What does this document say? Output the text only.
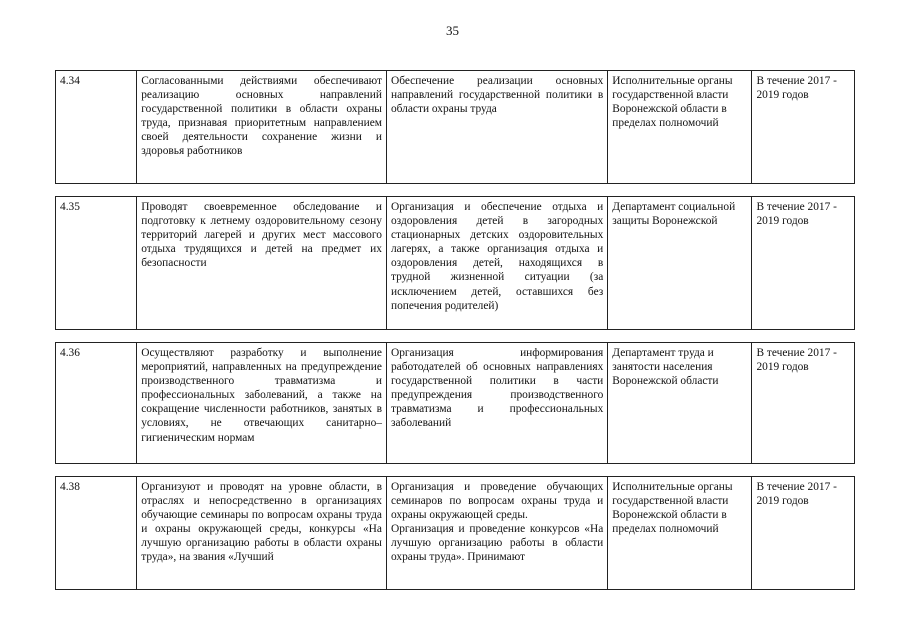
35
4.34	Согласованными действиями обеспечивают реализацию основных направлений государственной политики в области охраны труда, признавая приоритетным направлением своей деятельности сохранение жизни и здоровья работников	Обеспечение реализации основных направлений государственной политики в области охраны труда	Исполнительные органы государственной власти Воронежской области в пределах полномочий	В течение 2017 - 2019 годов

4.35	Проводят своевременное обследование и подготовку к летнему оздоровительному сезону территорий лагерей и других мест массового отдыха трудящихся и детей на предмет их безопасности	Организация и обеспечение отдыха и оздоровления детей в загородных стационарных детских оздоровительных лагерях, а также организация отдыха и оздоровления детей, находящихся в трудной жизненной ситуации (за исключением детей, оставшихся без попечения родителей)	Департамент социальной защиты Воронежской	В течение 2017 - 2019 годов

4.36	Осуществляют разработку и выполнение мероприятий, направленных на предупреждение производственного травматизма и профессиональных заболеваний, а также на сокращение численности работников, занятых в условиях, не отвечающих санитарно–гигиеническим нормам	Организация информирования работодателей об основных направлениях государственной политики в части предупреждения производственного травматизма и профессиональных заболеваний	Департамент труда и занятости населения Воронежской области	В течение 2017 - 2019 годов

4.38	Организуют и проводят на уровне области, в отраслях и непосредственно в организациях обучающие семинары по вопросам охраны труда и охраны окружающей среды, конкурсы «На лучшую организацию работы в области охраны труда», на звания «Лучший	Организация и проведение обучающих семинаров по вопросам охраны труда и охраны окружающей среды.
Организация и проведение конкурсов «На лучшую организацию работы в области охраны труда». Принимают	Исполнительные органы государственной власти Воронежской области в пределах полномочий	В течение 2017 - 2019 годов
